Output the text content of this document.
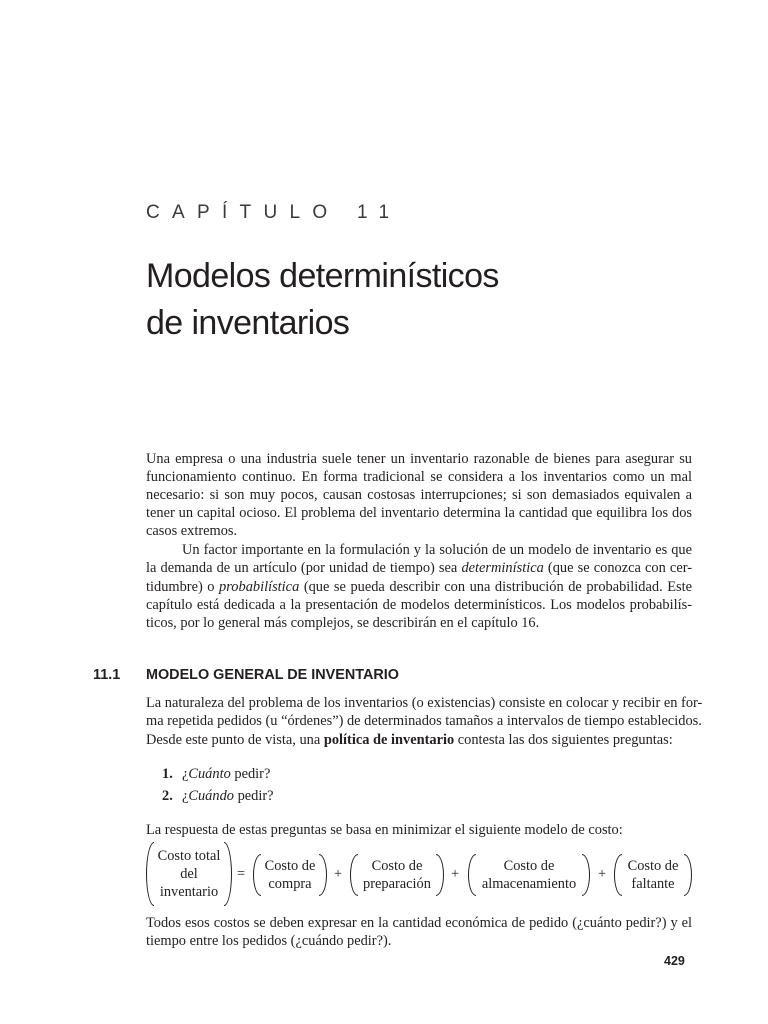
CAPÍTULO 11
Modelos determinísticos
de inventarios
Una empresa o una industria suele tener un inventario razonable de bienes para asegurar su
funcionamiento continuo. En forma tradicional se considera a los inventarios como un mal
necesario: si son muy pocos, causan costosas interrupciones; si son demasiados equivalen a
tener un capital ocioso. El problema del inventario determina la cantidad que equilibra los dos
casos extremos.
Un factor importante en la formulación y la solución de un modelo de inventario es que
la demanda de un artículo (por unidad de tiempo) sea determinística (que se conozca con cer-
tidumbre) o probabilística (que se pueda describir con una distribución de probabilidad. Este
capítulo está dedicada a la presentación de modelos determinísticos. Los modelos probabilís-
ticos, por lo general más complejos, se describirán en el capítulo 16.
11.1 MODELO GENERAL DE INVENTARIO
La naturaleza del problema de los inventarios (o existencias) consiste en colocar y recibir en for-
ma repetida pedidos (u “órdenes”) de determinados tamaños a intervalos de tiempo establecidos.
Desde este punto de vista, una política de inventario contesta las dos siguientes preguntas:
1. ¿Cuánto pedir?
2. ¿Cuándo pedir?
La respuesta de estas preguntas se basa en minimizar el siguiente modelo de costo:
Costo total
del
inventario
= Costo de
compra
+ Costo de
preparación
+	Costo de
almacenamiento
+ Costo de
faltante
Todos esos costos se deben expresar en la cantidad económica de pedido (¿cuánto pedir?) y el
tiempo entre los pedidos (¿cuándo pedir?).
429
